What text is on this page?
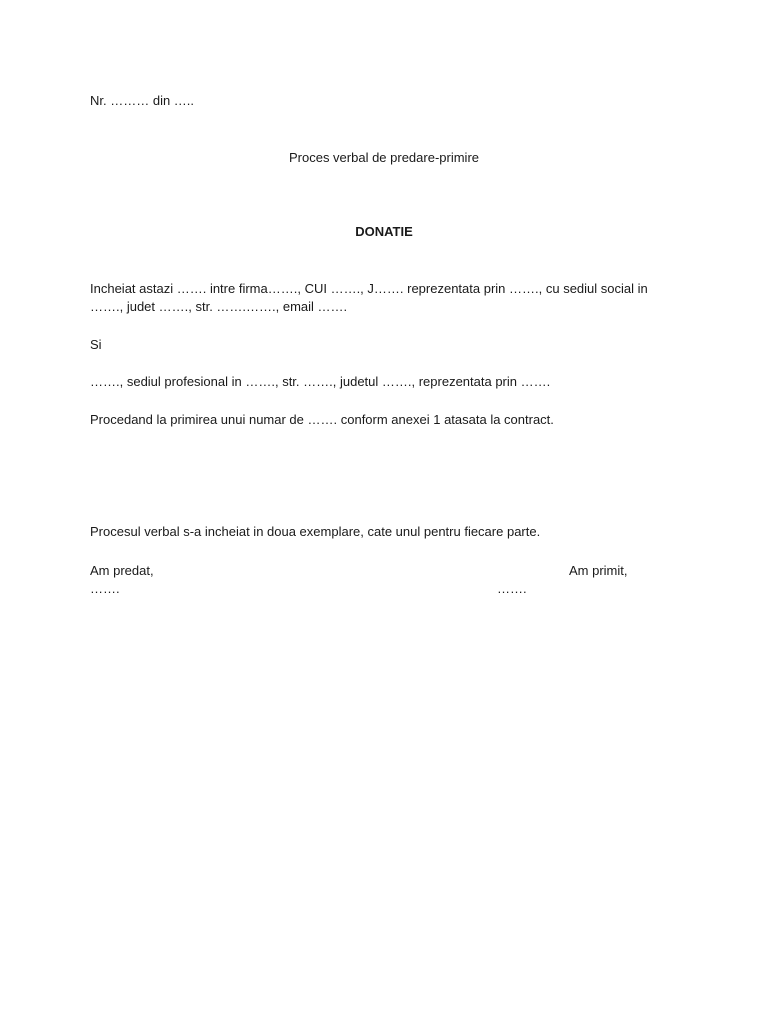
Nr. ……… din …..
Proces verbal de predare-primire
DONATIE
Incheiat astazi ……. intre firma……., CUI ……., J……. reprezentata prin ……., cu sediul social in ……., judet ……., str. …….……., email …….
Si
……., sediul profesional in ……., str. ……., judetul ……., reprezentata prin …….
Procedand la primirea unui numar de ……. conform anexei 1 atasata la contract.
Procesul verbal s-a incheiat in doua exemplare, cate unul pentru fiecare parte.
Am predat,
…….
Am primit,
…….
